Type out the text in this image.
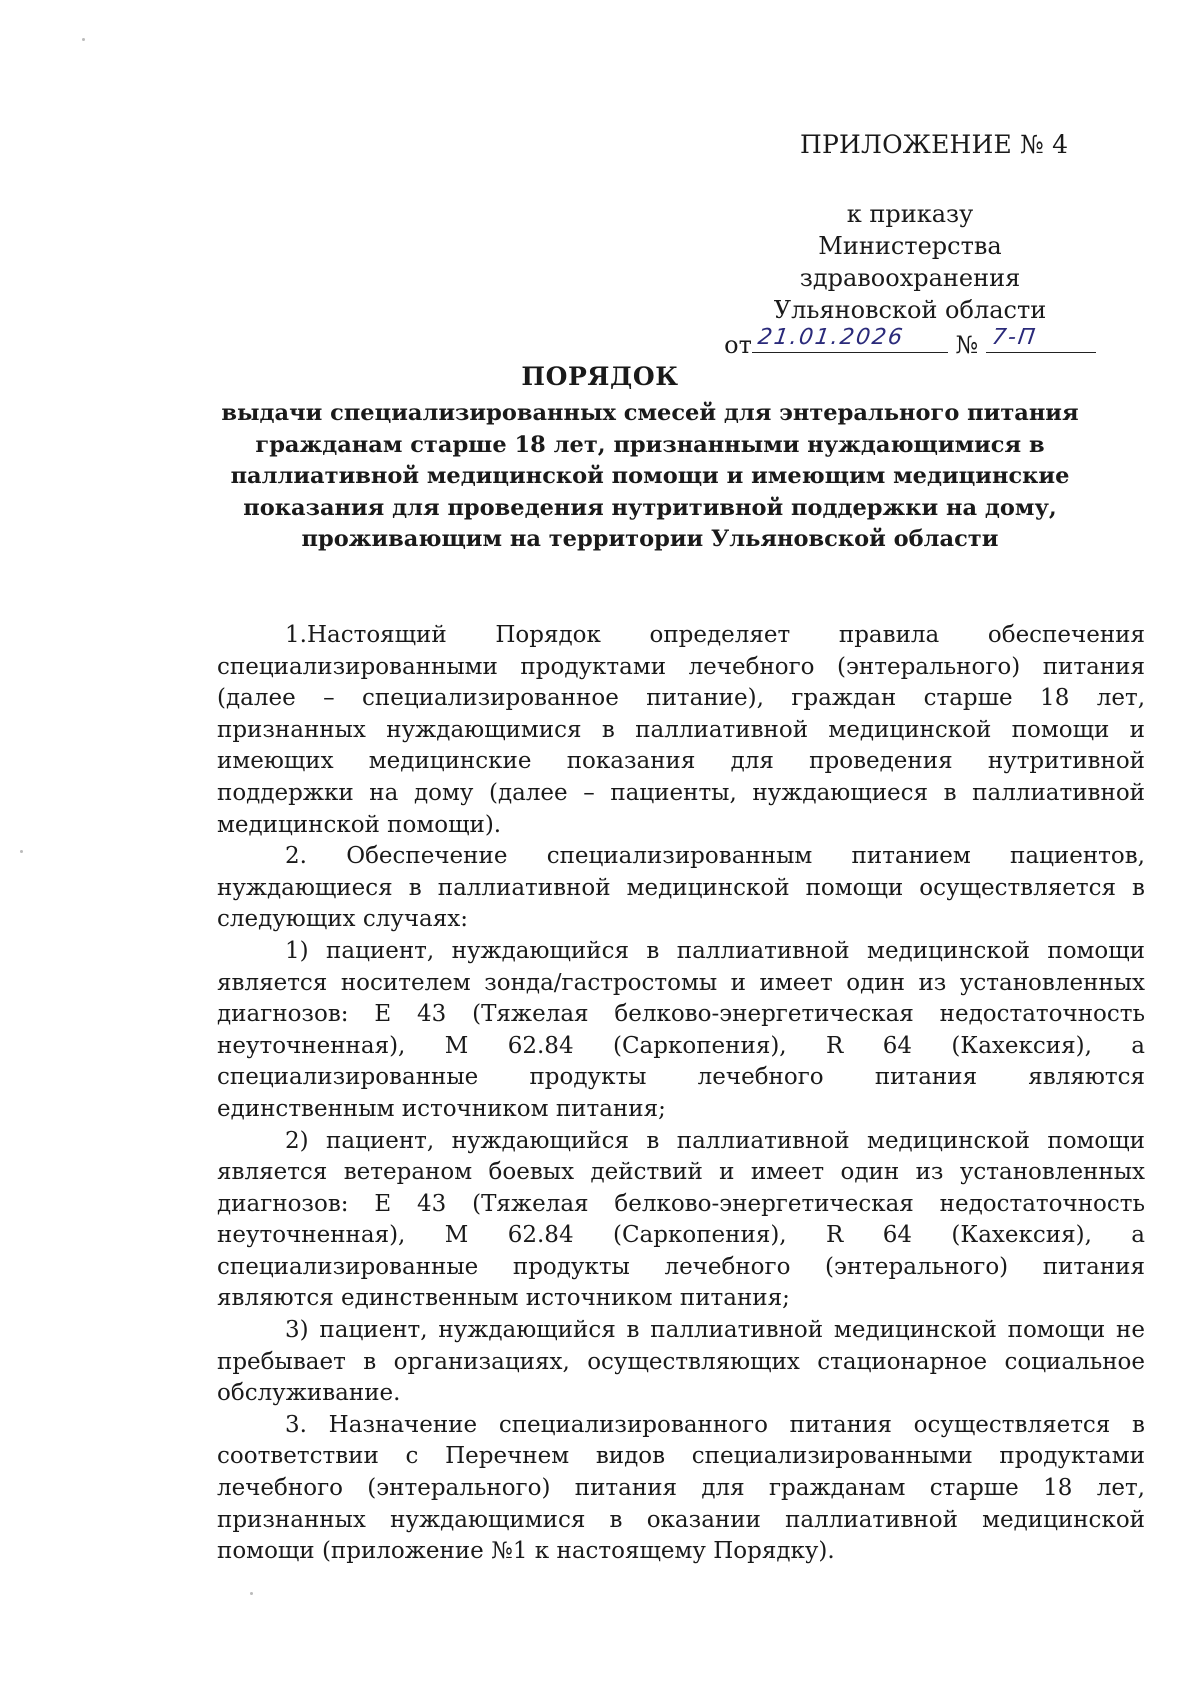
ПРИЛОЖЕНИЕ № 4
к приказу
Министерства здравоохранения
Ульяновской области
от 21.01.2026 № 7-П
ПОРЯДОК
выдачи специализированных смесей для энтерального питания гражданам старше 18 лет, признанными нуждающимися в паллиативной медицинской помощи и имеющим медицинские показания для проведения нутритивной поддержки на дому, проживающим на территории Ульяновской области

1.Настоящий Порядок определяет правила обеспечения специализированными продуктами лечебного (энтерального) питания (далее – специализированное питание), граждан старше 18 лет, признанных нуждающимися в паллиативной медицинской помощи и имеющих медицинские показания для проведения нутритивной поддержки на дому (далее – пациенты, нуждающиеся в паллиативной медицинской помощи).

2. Обеспечение специализированным питанием пациентов, нуждающиеся в паллиативной медицинской помощи осуществляется в следующих случаях:

1) пациент, нуждающийся в паллиативной медицинской помощи является носителем зонда/гастростомы и имеет один из установленных диагнозов: Е 43 (Тяжелая белково-энергетическая недостаточность неуточненная), М 62.84 (Саркопения), R 64 (Кахексия), а специализированные продукты лечебного питания являются единственным источником питания;

2) пациент, нуждающийся в паллиативной медицинской помощи является ветераном боевых действий и имеет один из установленных диагнозов: Е 43 (Тяжелая белково-энергетическая недостаточность неуточненная), М 62.84 (Саркопения), R 64 (Кахексия), а специализированные продукты лечебного (энтерального) питания являются единственным источником питания;

3) пациент, нуждающийся в паллиативной медицинской помощи не пребывает в организациях, осуществляющих стационарное социальное обслуживание.

3. Назначение специализированного питания осуществляется в соответствии с Перечнем видов специализированными продуктами лечебного (энтерального) питания для гражданам старше 18 лет, признанных нуждающимися в оказании паллиативной медицинской помощи (приложение №1 к настоящему Порядку).
